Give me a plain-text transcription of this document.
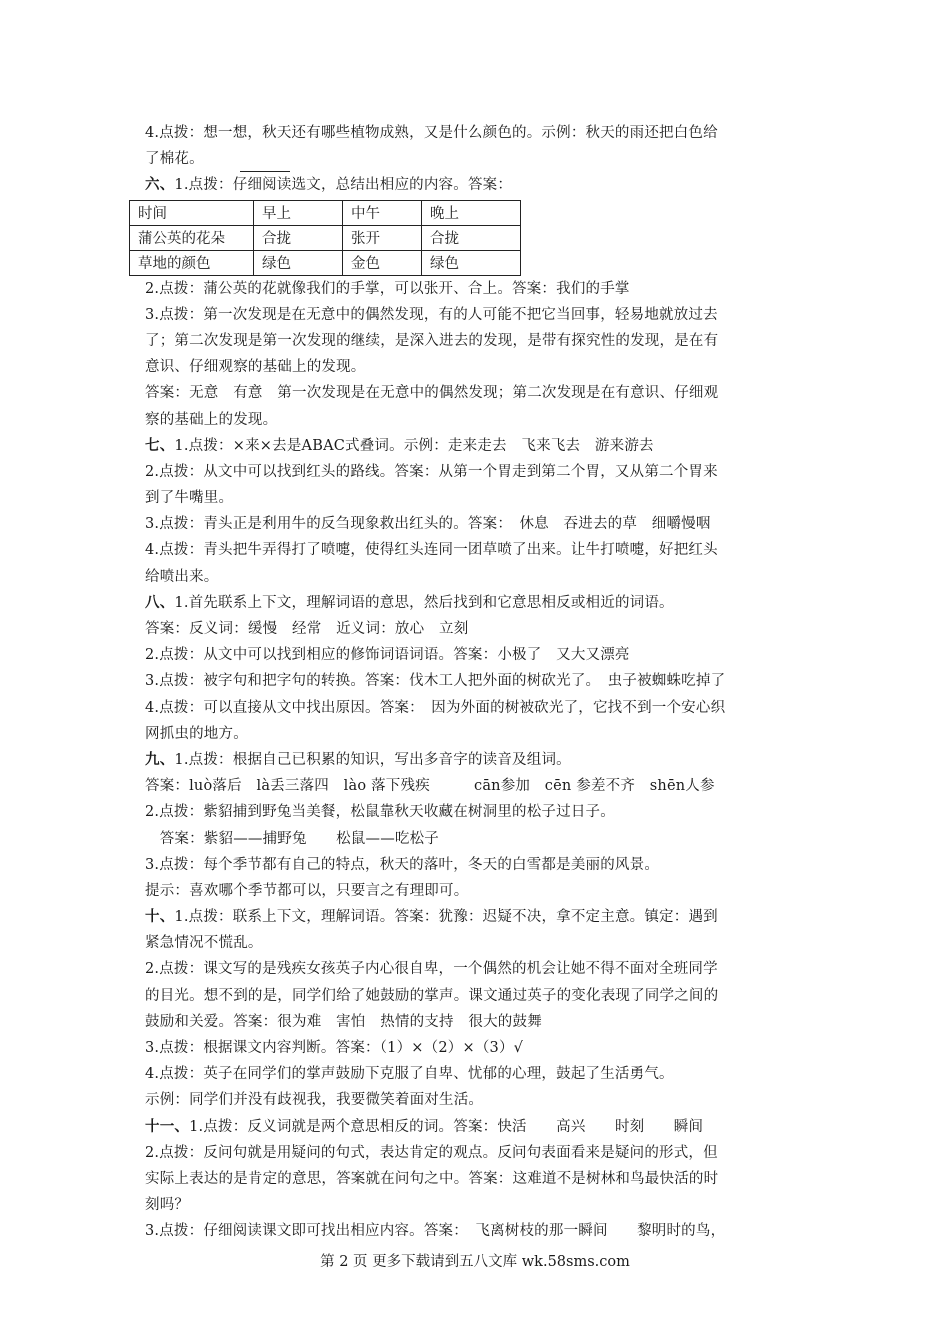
4.点拨：想一想，秋天还有哪些植物成熟，又是什么颜色的。示例：秋天的雨还把白色给
了棉花。
六、1.点拨：仔细阅读选文，总结出相应的内容。答案：
时间	早上	中午	晚上
蒲公英的花朵	合拢	张开	合拢
草地的颜色	绿色	金色	绿色
2.点拨：蒲公英的花就像我们的手掌，可以张开、合上。答案：我们的手掌
3.点拨：第一次发现是在无意中的偶然发现，有的人可能不把它当回事，轻易地就放过去
了；第二次发现是第一次发现的继续，是深入进去的发现，是带有探究性的发现，是在有
意识、仔细观察的基础上的发现。
答案：无意　有意　第一次发现是在无意中的偶然发现；第二次发现是在有意识、仔细观
察的基础上的发现。
七、1.点拨：×来×去是ABAC式叠词。示例：走来走去　飞来飞去　游来游去
2.点拨：从文中可以找到红头的路线。答案：从第一个胃走到第二个胃，又从第二个胃来
到了牛嘴里。
3.点拨：青头正是利用牛的反刍现象救出红头的。答案：　休息　吞进去的草　细嚼慢咽
4.点拨：青头把牛弄得打了喷嚏，使得红头连同一团草喷了出来。让牛打喷嚏，好把红头
给喷出来。
八、1.首先联系上下文，理解词语的意思，然后找到和它意思相反或相近的词语。
答案：反义词：缓慢　经常　近义词：放心　立刻
2.点拨：从文中可以找到相应的修饰词语词语。答案：小极了　又大又漂亮
3.点拨：被字句和把字句的转换。答案：伐木工人把外面的树砍光了。　虫子被蜘蛛吃掉了
4.点拨：可以直接从文中找出原因。答案：　因为外面的树被砍光了，它找不到一个安心织
网抓虫的地方。
九、1.点拨：根据自己已积累的知识，写出多音字的读音及组词。
答案：luò落后　là丢三落四　lào 落下残疾　　　cān参加　cēn 参差不齐　shēn人参
2.点拨：紫貂捕到野兔当美餐，松鼠靠秋天收藏在树洞里的松子过日子。
　答案：紫貂——捕野兔　　松鼠——吃松子
3.点拨：每个季节都有自己的特点，秋天的落叶，冬天的白雪都是美丽的风景。
提示：喜欢哪个季节都可以，只要言之有理即可。
十、1.点拨：联系上下文，理解词语。答案：犹豫：迟疑不决，拿不定主意。镇定：遇到
紧急情况不慌乱。
2.点拨：课文写的是残疾女孩英子内心很自卑，一个偶然的机会让她不得不面对全班同学
的目光。想不到的是，同学们给了她鼓励的掌声。课文通过英子的变化表现了同学之间的
鼓励和关爱。答案：很为难　害怕　热情的支持　很大的鼓舞
3.点拨：根据课文内容判断。答案：（1）×（2）×（3）√
4.点拨：英子在同学们的掌声鼓励下克服了自卑、忧郁的心理，鼓起了生活勇气。
示例：同学们并没有歧视我，我要微笑着面对生活。
十一、1.点拨：反义词就是两个意思相反的词。答案：快活　　高兴　　时刻　　瞬间
2.点拨：反问句就是用疑问的句式，表达肯定的观点。反问句表面看来是疑问的形式，但
实际上表达的是肯定的意思，答案就在问句之中。答案：这难道不是树林和鸟最快活的时
刻吗？
3.点拨：仔细阅读课文即可找出相应内容。答案：　飞离树枝的那一瞬间　　黎明时的鸟，
第 2 页 更多下载请到五八文库 wk.58sms.com
